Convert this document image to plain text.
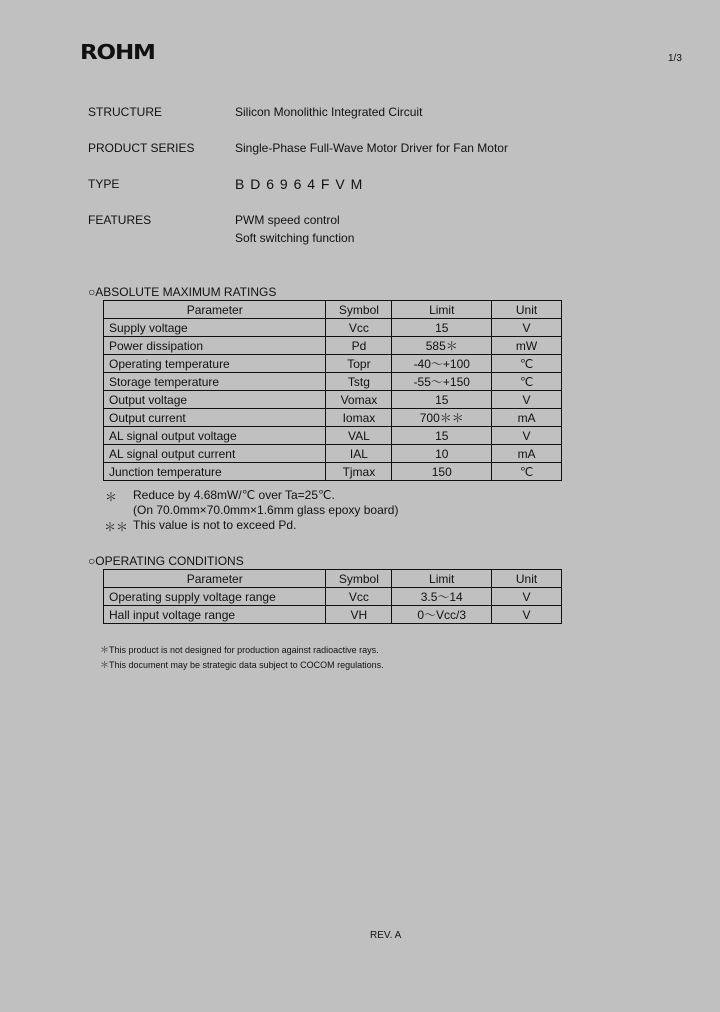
ROHM	1/3
STRUCTURE	Silicon Monolithic Integrated Circuit
PRODUCT SERIES	Single-Phase Full-Wave Motor Driver for Fan Motor
TYPE	B D 6 9 6 4 F V M
FEATURES	PWM speed control
Soft switching function
○ABSOLUTE MAXIMUM RATINGS
Parameter	Symbol	Limit	Unit
Supply voltage	Vcc	15	V
Power dissipation	Pd	585＊	mW
Operating temperature	Topr	-40～+100	℃
Storage temperature	Tstg	-55～+150	℃
Output voltage	Vomax	15	V
Output current	Iomax	700＊＊	mA
AL signal output voltage	VAL	15	V
AL signal output current	IAL	10	mA
Junction temperature	Tjmax	150	℃
＊ Reduce by 4.68mW/℃ over Ta=25℃.
(On 70.0mm×70.0mm×1.6mm glass epoxy board)
＊＊ This value is not to exceed Pd.
○OPERATING CONDITIONS
Parameter	Symbol	Limit	Unit
Operating supply voltage range	Vcc	3.5～14	V
Hall input voltage range	VH	0～Vcc/3	V
＊This product is not designed for production against radioactive rays.
＊This document may be strategic data subject to COCOM regulations.
REV. A
